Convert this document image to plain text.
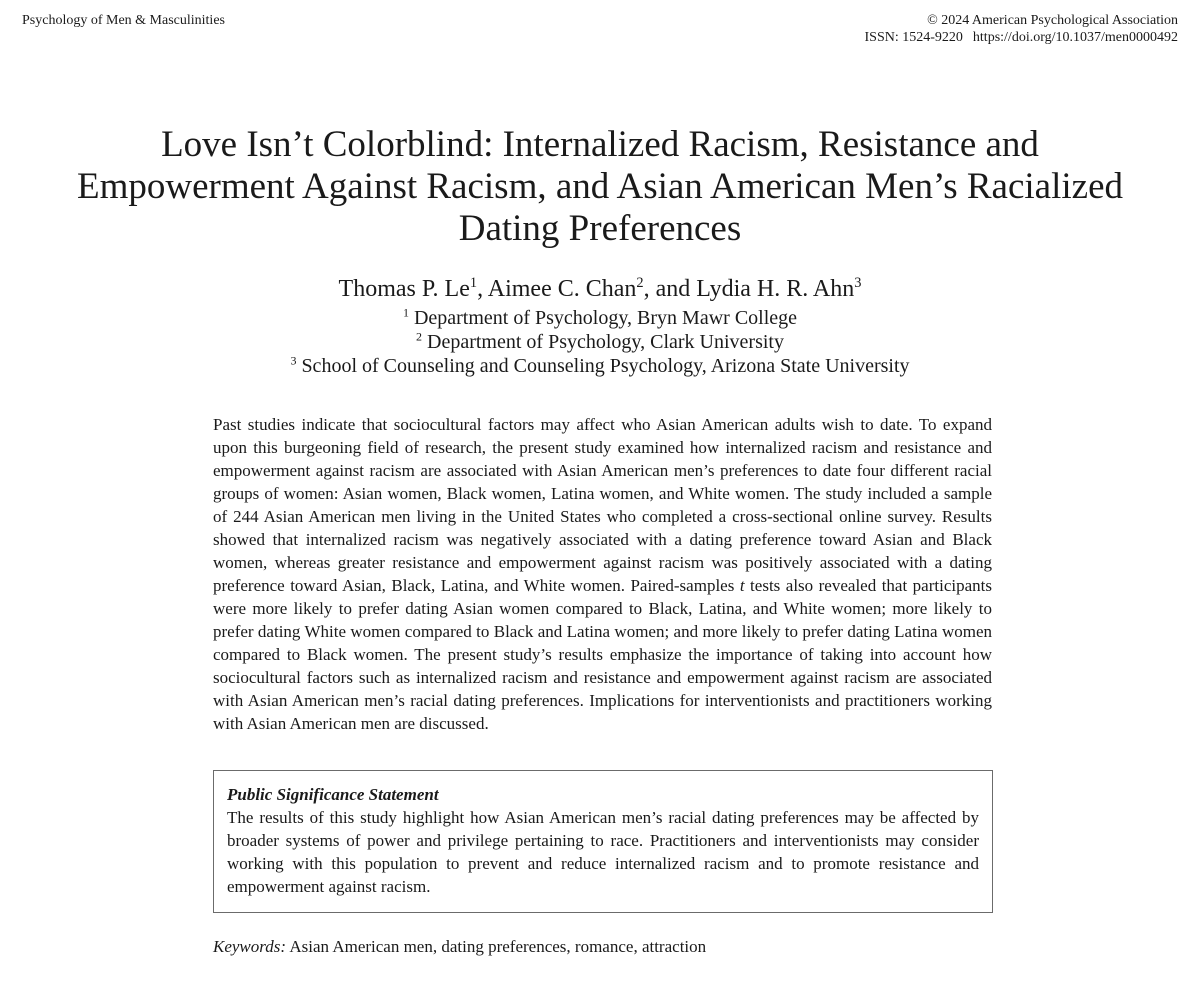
Psychology of Men & Masculinities	© 2024 American Psychological Association
ISSN: 1524-9220 https://doi.org/10.1037/men0000492
Love Isn’t Colorblind: Internalized Racism, Resistance and
Empowerment Against Racism, and Asian American Men’s Racialized
Dating Preferences
Thomas P. Le$^1$, Aimee C. Chan$^2$, and Lydia H. R. Ahn$^3$
$^1$ Department of Psychology, Bryn Mawr College
$^2$ Department of Psychology, Clark University
$^3$ School of Counseling and Counseling Psychology, Arizona State University

Past studies indicate that sociocultural factors may affect who Asian American adults wish to date. To expand upon this burgeoning field of research, the present study examined how internalized racism and resistance and empowerment against racism are associated with Asian American men’s preferences to date four different racial groups of women: Asian women, Black women, Latina women, and White women. The study included a sample of 244 Asian American men living in the United States who completed a cross-sectional online survey. Results showed that internalized racism was negatively associated with a dating preference toward Asian and Black women, whereas greater resistance and empowerment against racism was positively associated with a dating preference toward Asian, Black, Latina, and White women. Paired-samples t tests also revealed that participants were more likely to prefer dating Asian women compared to Black, Latina, and White women; more likely to prefer dating White women compared to Black and Latina women; and more likely to prefer dating Latina women compared to Black women. The present study’s results emphasize the importance of taking into account how sociocultural factors such as internalized racism and resistance and empowerment against racism are associated with Asian American men’s racial dating preferences. Implications for interventionists and practitioners working with Asian American men are discussed.

Public Significance Statement
The results of this study highlight how Asian American men’s racial dating preferences may be affected by broader systems of power and privilege pertaining to race. Practitioners and interventionists may consider working with this population to prevent and reduce internalized racism and to promote resistance and empowerment against racism.
Keywords: Asian American men, dating preferences, romance, attraction
